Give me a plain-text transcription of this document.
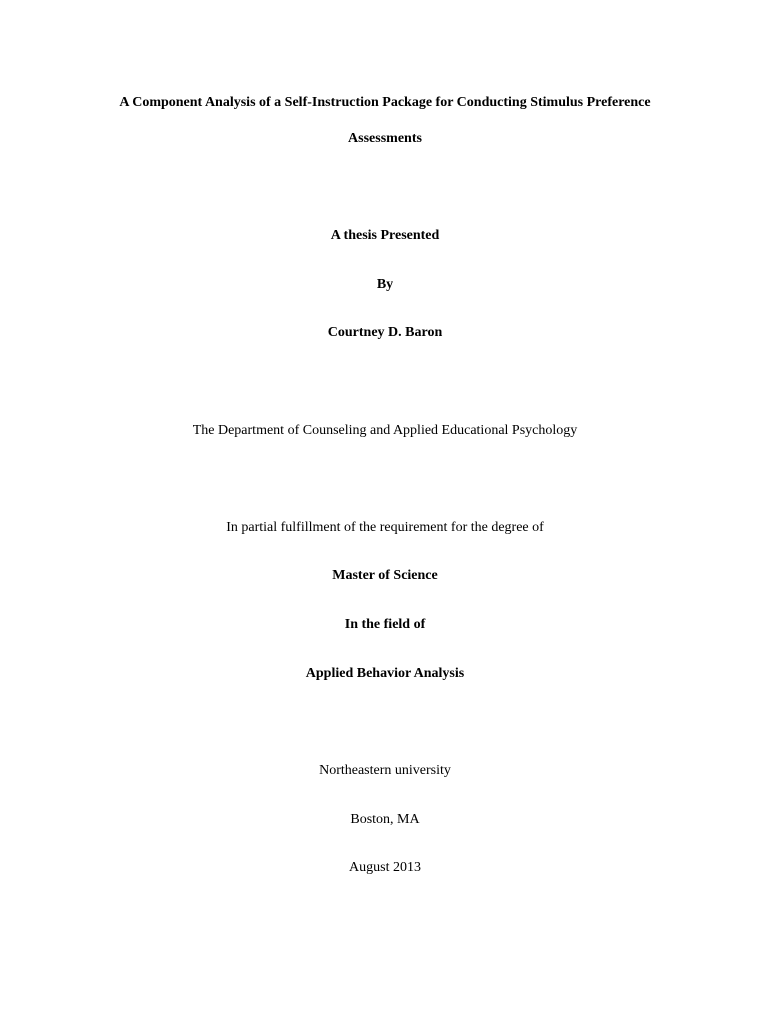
A Component Analysis of a Self-Instruction Package for Conducting Stimulus Preference
Assessments
A thesis Presented
By
Courtney D. Baron
The Department of Counseling and Applied Educational Psychology
In partial fulfillment of the requirement for the degree of
Master of Science
In the field of
Applied Behavior Analysis
Northeastern university
Boston, MA
August 2013
